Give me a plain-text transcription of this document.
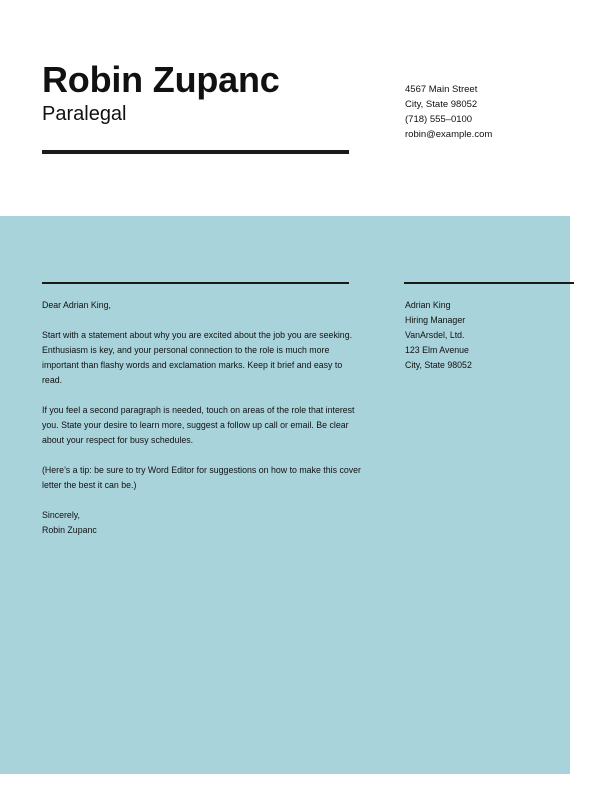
Robin Zupanc
Paralegal
4567 Main Street
City, State 98052
(718) 555–0100
robin@example.com

Dear Adrian King,

Start with a statement about why you are excited about the job you are seeking. Enthusiasm is key, and your personal connection to the role is much more important than flashy words and exclamation marks. Keep it brief and easy to read.

If you feel a second paragraph is needed, touch on areas of the role that interest you. State your desire to learn more, suggest a follow up call or email. Be clear about your respect for busy schedules.

(Here’s a tip: be sure to try Word Editor for suggestions on how to make this cover letter the best it can be.)

Sincerely,
Robin Zupanc
Adrian King
Hiring Manager
VanArsdel, Ltd.
123 Elm Avenue
City, State 98052
